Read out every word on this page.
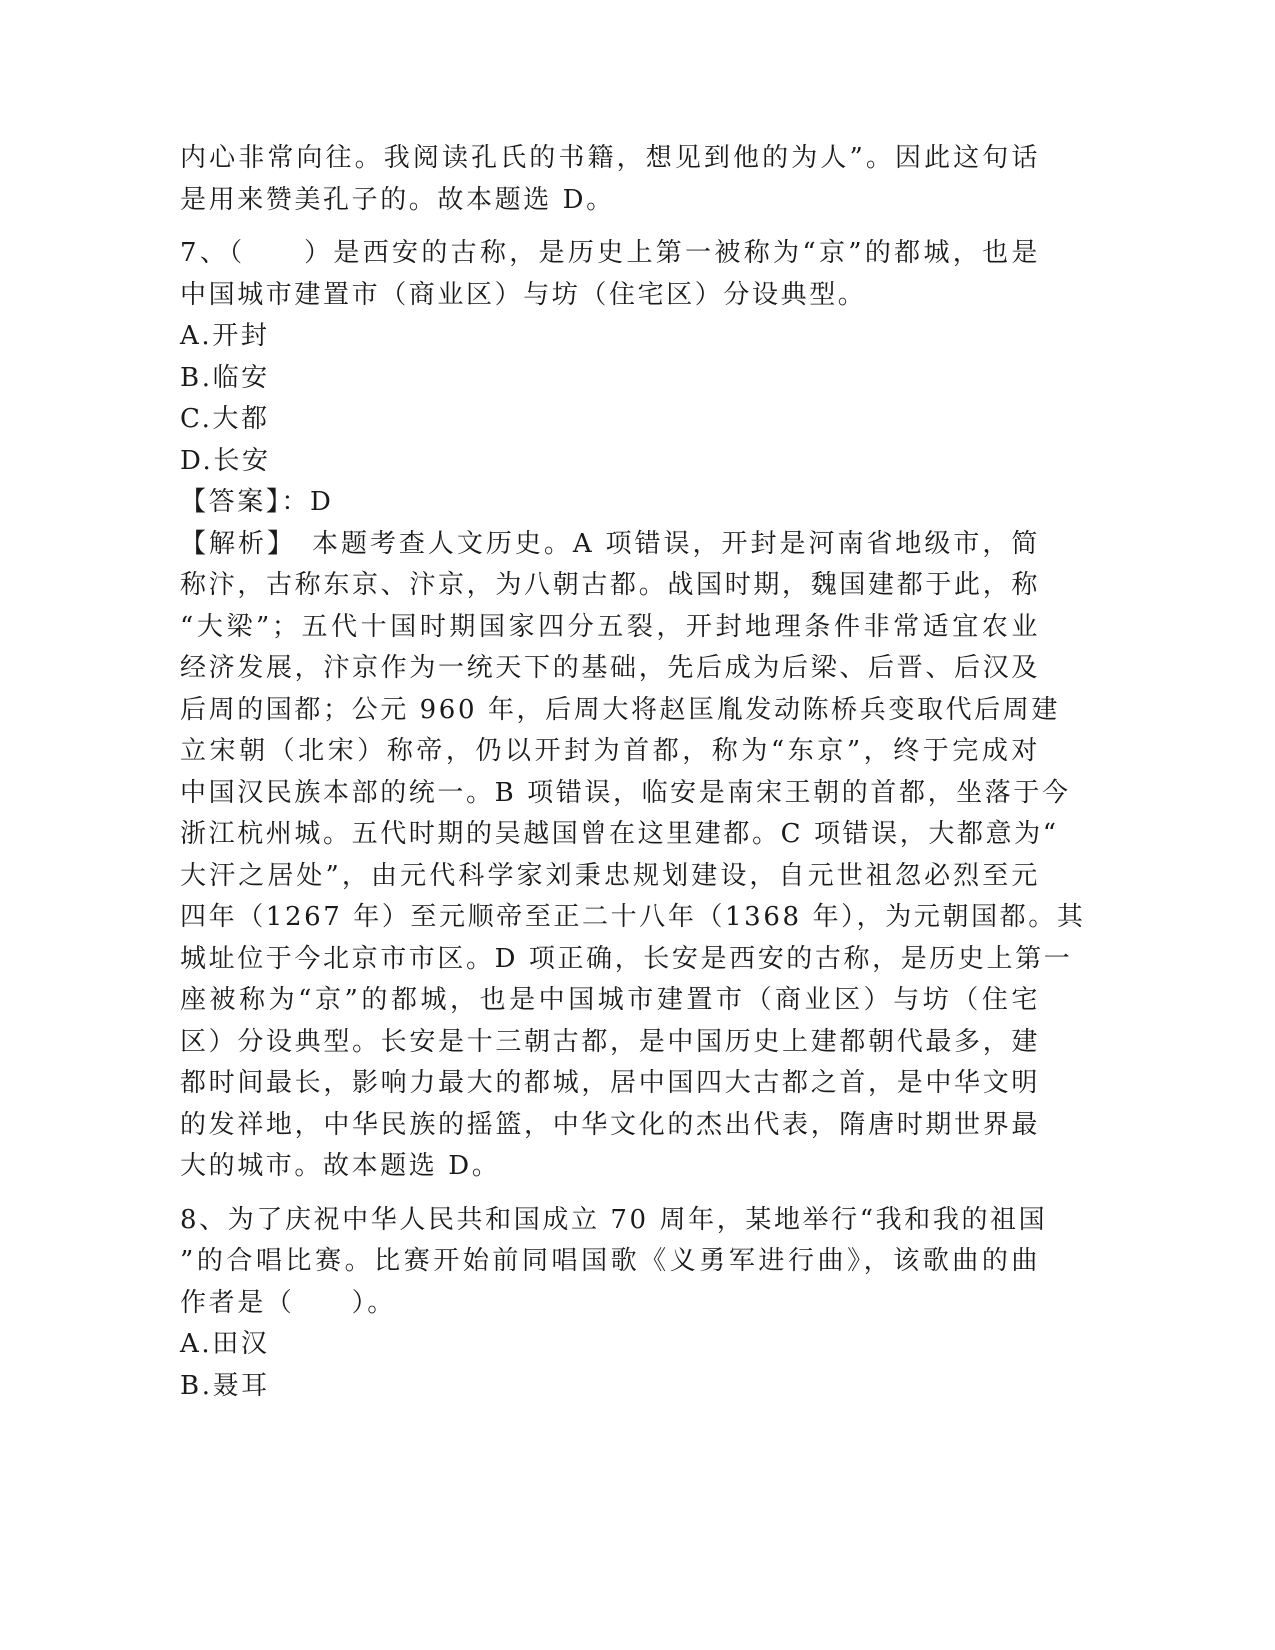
内心非常向往。我阅读孔氏的书籍，想见到他的为人”。因此这句话
是用来赞美孔子的。故本题选 D。
7、（　　）是西安的古称，是历史上第一被称为“京”的都城，也是
中国城市建置市（商业区）与坊（住宅区）分设典型。
A.开封
B.临安
C.大都
D.长安
【答案】：D
【解析】　本题考查人文历史。A 项错误，开封是河南省地级市，简
称汴，古称东京、汴京，为八朝古都。战国时期，魏国建都于此，称
“大梁”；五代十国时期国家四分五裂，开封地理条件非常适宜农业
经济发展，汴京作为一统天下的基础，先后成为后梁、后晋、后汉及
后周的国都；公元 960 年，后周大将赵匡胤发动陈桥兵变取代后周建
立宋朝（北宋）称帝，仍以开封为首都，称为“东京”，终于完成对
中国汉民族本部的统一。B 项错误，临安是南宋王朝的首都，坐落于今
浙江杭州城。五代时期的吴越国曾在这里建都。C 项错误，大都意为“
大汗之居处”，由元代科学家刘秉忠规划建设，自元世祖忽必烈至元
四年（1267 年）至元顺帝至正二十八年（1368 年），为元朝国都。其
城址位于今北京市市区。D 项正确，长安是西安的古称，是历史上第一
座被称为“京”的都城，也是中国城市建置市（商业区）与坊（住宅
区）分设典型。长安是十三朝古都，是中国历史上建都朝代最多，建
都时间最长，影响力最大的都城，居中国四大古都之首，是中华文明
的发祥地，中华民族的摇篮，中华文化的杰出代表，隋唐时期世界最
大的城市。故本题选 D。
8、为了庆祝中华人民共和国成立 70 周年，某地举行“我和我的祖国
”的合唱比赛。比赛开始前同唱国歌《义勇军进行曲》，该歌曲的曲
作者是（　　）。
A.田汉
B.聂耳
